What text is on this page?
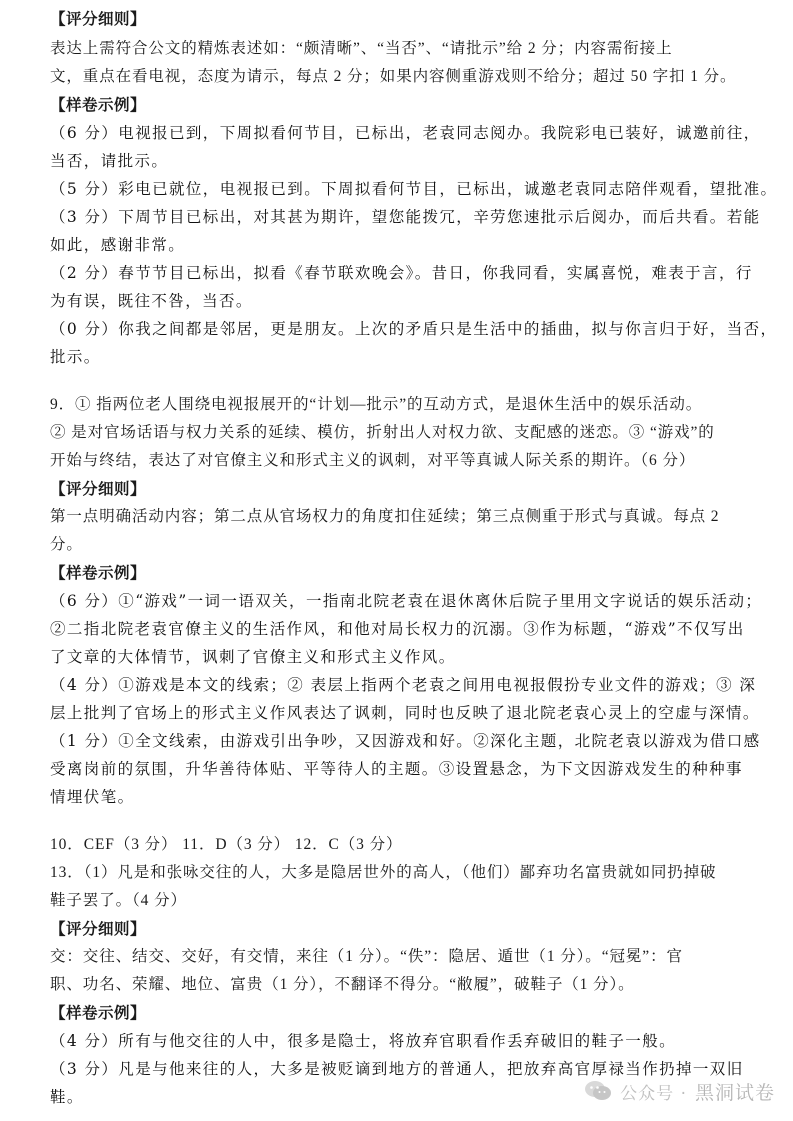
【评分细则】
表达上需符合公文的精炼表述如：“颇清晰”、“当否”、“请批示”给 2 分；内容需衔接上
文，重点在看电视，态度为请示，每点 2 分；如果内容侧重游戏则不给分；超过 50 字扣 1 分。
【样卷示例】
（6 分）电视报已到，下周拟看何节目，已标出，老袁同志阅办。我院彩电已装好，诚邀前往，
当否，请批示。
（5 分）彩电已就位，电视报已到。下周拟看何节目，已标出，诚邀老袁同志陪伴观看，望批准。
（3 分）下周节目已标出，对其甚为期许，望您能拨冗，辛劳您速批示后阅办，而后共看。若能
如此，感谢非常。
（2 分）春节节目已标出，拟看《春节联欢晚会》。昔日，你我同看，实属喜悦，难表于言，行
为有误，既往不咎，当否。
（0 分）你我之间都是邻居，更是朋友。上次的矛盾只是生活中的插曲，拟与你言归于好，当否，
批示。
9．① 指两位老人围绕电视报展开的“计划—批示”的互动方式，是退休生活中的娱乐活动。
② 是对官场话语与权力关系的延续、模仿，折射出人对权力欲、支配感的迷恋。③ “游戏”的
开始与终结，表达了对官僚主义和形式主义的讽刺，对平等真诚人际关系的期许。（6 分）
【评分细则】
第一点明确活动内容；第二点从官场权力的角度扣住延续；第三点侧重于形式与真诚。每点 2
分。
【样卷示例】
（6 分）①“游戏”一词一语双关，一指南北院老袁在退休离休后院子里用文字说话的娱乐活动；
②二指北院老袁官僚主义的生活作风，和他对局长权力的沉溺。③作为标题，“游戏”不仅写出
了文章的大体情节，讽刺了官僚主义和形式主义作风。
（4 分）①游戏是本文的线索；② 表层上指两个老袁之间用电视报假扮专业文件的游戏；③ 深
层上批判了官场上的形式主义作风表达了讽刺，同时也反映了退北院老袁心灵上的空虚与深情。
（1 分）①全文线索，由游戏引出争吵，又因游戏和好。②深化主题，北院老袁以游戏为借口感
受离岗前的氛围，升华善待体贴、平等待人的主题。③设置悬念，为下文因游戏发生的种种事
情埋伏笔。
10．CEF（3 分） 11．D（3 分） 12．C（3 分）
13．（1）凡是和张咏交往的人，大多是隐居世外的高人，（他们）鄙弃功名富贵就如同扔掉破
鞋子罢了。（4 分）
【评分细则】
交：交往、结交、交好，有交情，来往（1 分）。“佚”：隐居、遁世（1 分）。“冠冕”：官
职、功名、荣耀、地位、富贵（1 分），不翻译不得分。“敝履”，破鞋子（1 分）。
【样卷示例】
（4 分）所有与他交往的人中，很多是隐士，将放弃官职看作丢弃破旧的鞋子一般。
（3 分）凡是与他来往的人，大多是被贬谪到地方的普通人，把放弃高官厚禄当作扔掉一双旧
鞋。	公众号 · 黑洞试卷
